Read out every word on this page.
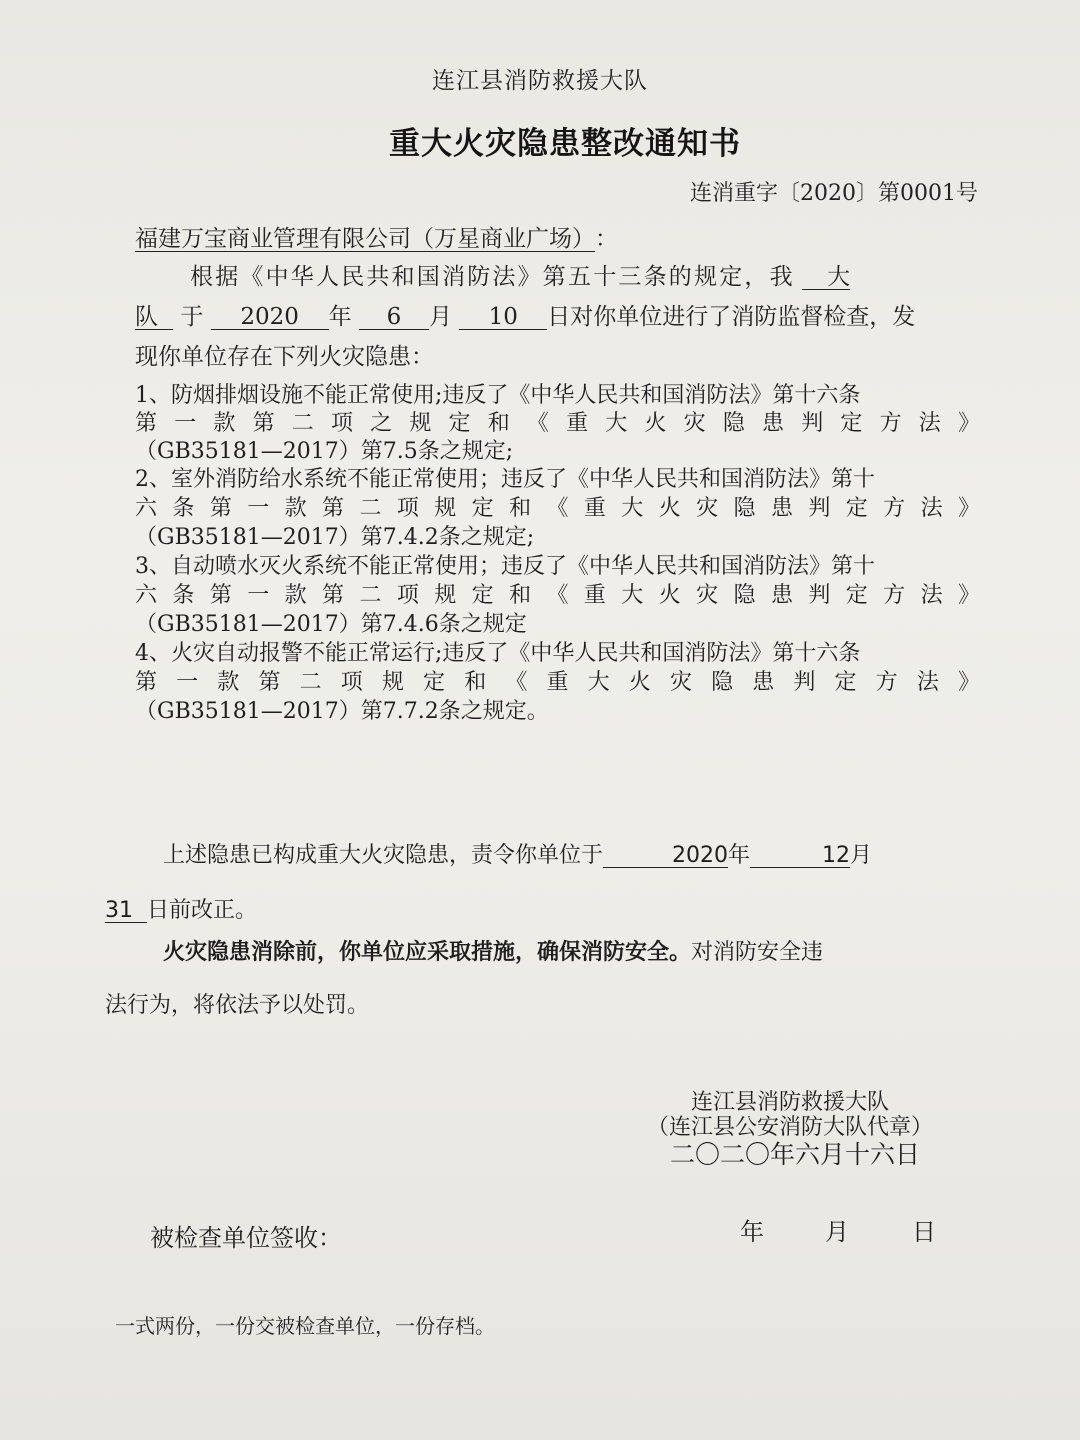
连江县消防救援大队
重大火灾隐患整改通知书
连消重字〔2020〕第0001号
福建万宝商业管理有限公司（万星商业广场）：
根据《中华人民共和国消防法》第五十三条的规定，我 大
队 于 2020 年 6 月 10 日对你单位进行了消防监督检查，发
现你单位存在下列火灾隐患：
1、防烟排烟设施不能正常使用;违反了《中华人民共和国消防法》第十六条
第一款第二项之规定和《重大火灾隐患判定方法》
（GB35181—2017）第7.5条之规定;
2、室外消防给水系统不能正常使用；违反了《中华人民共和国消防法》第十
六条第一款第二项规定和《重大火灾隐患判定方法》
（GB35181—2017）第7.4.2条之规定;
3、自动喷水灭火系统不能正常使用；违反了《中华人民共和国消防法》第十
六条第一款第二项规定和《重大火灾隐患判定方法》
（GB35181—2017）第7.4.6条之规定
4、火灾自动报警不能正常运行;违反了《中华人民共和国消防法》第十六条
第一款第二项规定和《重大火灾隐患判定方法》
（GB35181—2017）第7.7.2条之规定。
上述隐患已构成重大火灾隐患，责令你单位于	2020年	12月
31 日前改正。
火灾隐患消除前，你单位应采取措施，确保消防安全。对消防安全违
法行为，将依法予以处罚。
连江县消防救援大队
（连江县公安消防大队代章）
二〇二〇年六月十六日
被检查单位签收：	年	月	日
一式两份，一份交被检查单位，一份存档。
